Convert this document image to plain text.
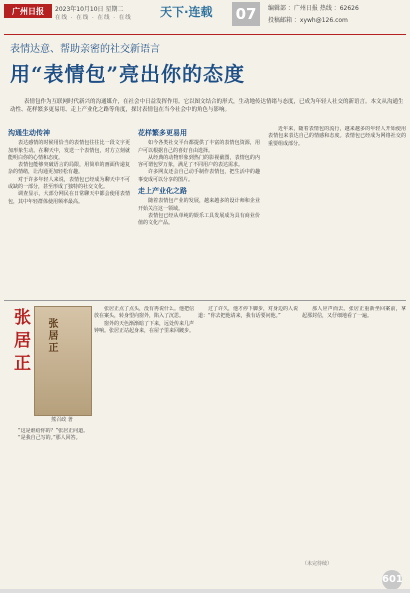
广州日报	2023年10月10日 星期二
在线 · 在线 · 在线 · 在线 天下·连载 07	编辑部 ：广州日报 热线 ：62626
投稿邮箱 ：xywh@126.com
表情达意、帮助亲密的社交新语言
用“表情包”亮出你的态度
表情包作为互联网时代新兴的沟通媒介，在社会中日益发挥作用。它以图文结合的形式，生动地传达情绪与态度，已成为年轻人社交的新语言。本文从沟通生动性、花样繁多更易用、走上产业化之路等角度，探讨表情包在当今社会中的角色与影响。
沟通生动传神

表达感情的时候用恰当的表情包往往比一段文字更加形象生动。在聊天中，发送一个表情包，对方立刻就能明白你的心情和态度。

表情包能够突破语言的局限，用简单的画面传递复杂的情绪，让沟通更加轻松有趣。

对于许多年轻人来说，表情包已经成为聊天中不可或缺的一部分，甚至形成了独特的社交文化。

调查显示，大部分网民在日常聊天中都会使用表情包，其中年轻群体使用频率最高。

花样繁多更易用

如今各类社交平台都提供了丰富的表情包资源，用户可以根据自己的喜好自由选择。

从经典的动物形象到热门的影视截图，表情包的内容可谓包罗万象，满足了不同用户的表达需求。

许多网友还会自己动手制作表情包，把生活中的趣事变成可以分享的图片。

走上产业化之路

随着表情包产业的发展，越来越多的设计师和企业开始关注这一领域。

表情包已经从单纯的娱乐工具发展成为具有商业价值的文化产品。

近年来，随着表情包的流行，越来越多的年轻人开始使用表情包来表达自己的情感和态度。表情包已经成为网络社交的重要组成部分。

张居正	张居正
熊召政 著

“这是谁给你的？”张居正问道。

“是我自己写的。”那人回答。

张居正点了点头，没有再说什么。他把信放在案头，转身望向窗外，陷入了沉思。

窗外的天色渐渐暗了下来，远处传来几声钟响。张居正站起身来，在屋子里来回踱步。

过了许久，他才停下脚步，对身边的人说道：“你去把他请来，我有话要问他。”

那人应声而去。张居正重新坐回案前，拿起那封信，又仔细地看了一遍。

（未完待续）
601
